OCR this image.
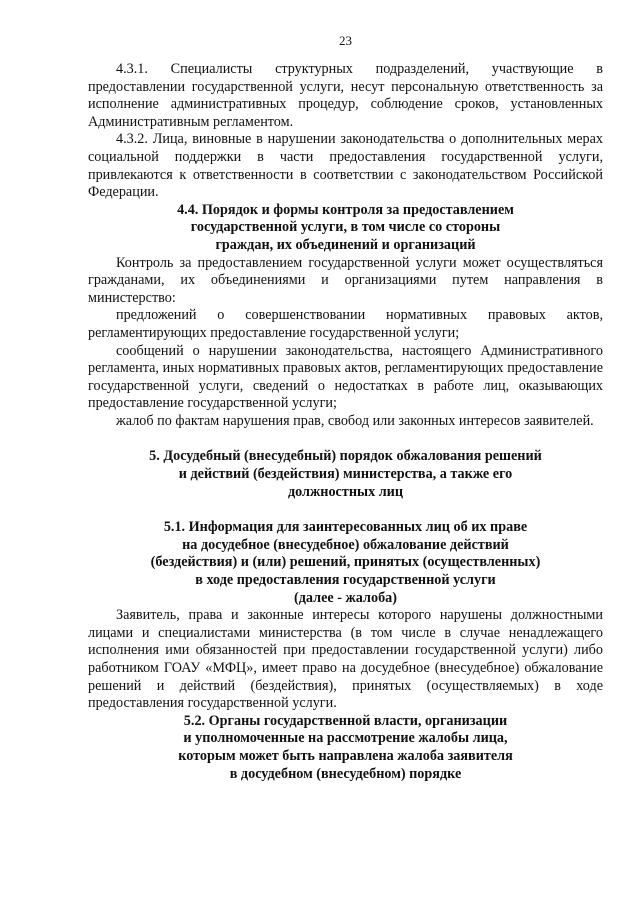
23

4.3.1. Специалисты структурных подразделений, участвующие в предоставлении государственной услуги, несут персональную ответственность за исполнение административных процедур, соблюдение сроков, установленных Административным регламентом.

4.3.2. Лица, виновные в нарушении законодательства о дополнительных мерах социальной поддержки в части предоставления государственной услуги, привлекаются к ответственности в соответствии с законодательством Российской Федерации.

4.4. Порядок и формы контроля за предоставлением
государственной услуги, в том числе со стороны
граждан, их объединений и организаций

Контроль за предоставлением государственной услуги может осуществляться гражданами, их объединениями и организациями путем направления в министерство:

предложений о совершенствовании нормативных правовых актов, регламентирующих предоставление государственной услуги;

сообщений о нарушении законодательства, настоящего Административного регламента, иных нормативных правовых актов, регламентирующих предоставление государственной услуги, сведений о недостатках в работе лиц, оказывающих предоставление государственной услуги;

жалоб по фактам нарушения прав, свобод или законных интересов заявителей.

5. Досудебный (внесудебный) порядок обжалования решений
и действий (бездействия) министерства, а также его
должностных лиц
5.1. Информация для заинтересованных лиц об их праве
на досудебное (внесудебное) обжалование действий
(бездействия) и (или) решений, принятых (осуществленных)
в ходе предоставления государственной услуги
(далее - жалоба)

Заявитель, права и законные интересы которого нарушены должностными лицами и специалистами министерства (в том числе в случае ненадлежащего исполнения ими обязанностей при предоставлении государственной услуги) либо работником ГОАУ «МФЦ», имеет право на досудебное (внесудебное) обжалование решений и действий (бездействия), принятых (осуществляемых) в ходе предоставления государственной услуги.

5.2. Органы государственной власти, организации
и уполномоченные на рассмотрение жалобы лица,
которым может быть направлена жалоба заявителя
в досудебном (внесудебном) порядке
